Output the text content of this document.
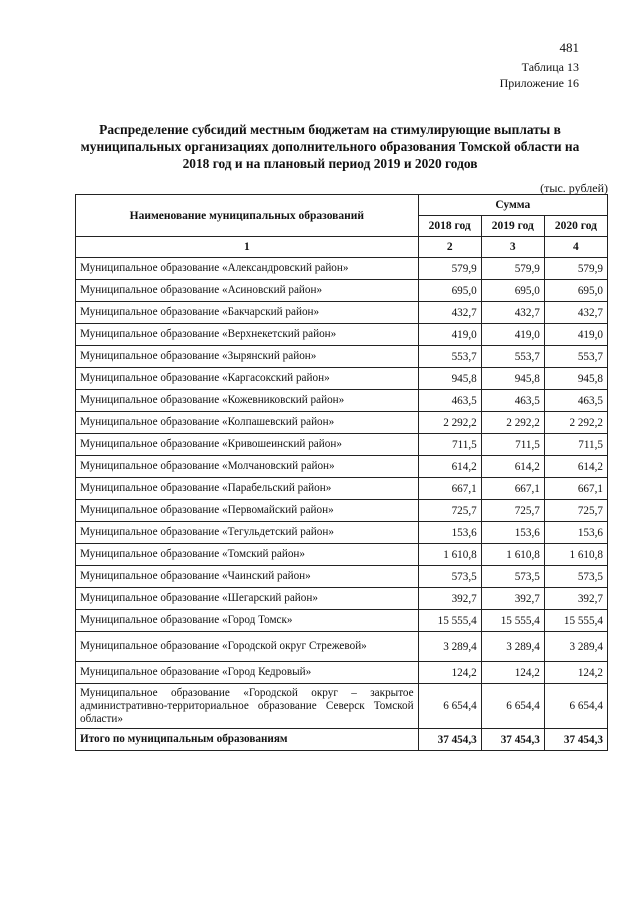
481
Таблица 13
Приложение 16
Распределение субсидий местным бюджетам на стимулирующие выплаты в муниципальных организациях дополнительного образования Томской области на 2018 год и на плановый период 2019 и 2020 годов
(тыс. рублей)
Наименование муниципальных образований	Сумма		
	2018 год	2019 год	2020 год
1	2	3	4
Муниципальное образование «Александровский район»	579,9	579,9	579,9
Муниципальное образование «Асиновский район»	695,0	695,0	695,0
Муниципальное образование «Бакчарский район»	432,7	432,7	432,7
Муниципальное образование «Верхнекетский район»	419,0	419,0	419,0
Муниципальное образование «Зырянский район»	553,7	553,7	553,7
Муниципальное образование «Каргасокский район»	945,8	945,8	945,8
Муниципальное образование «Кожевниковский район»	463,5	463,5	463,5
Муниципальное образование «Колпашевский район»	2 292,2	2 292,2	2 292,2
Муниципальное образование «Кривошеинский район»	711,5	711,5	711,5
Муниципальное образование «Молчановский район»	614,2	614,2	614,2
Муниципальное образование «Парабельский район»	667,1	667,1	667,1
Муниципальное образование «Первомайский район»	725,7	725,7	725,7
Муниципальное образование «Тегульдетский район»	153,6	153,6	153,6
Муниципальное образование «Томский район»	1 610,8	1 610,8	1 610,8
Муниципальное образование «Чаинский район»	573,5	573,5	573,5
Муниципальное образование «Шегарский район»	392,7	392,7	392,7
Муниципальное образование «Город Томск»	15 555,4	15 555,4	15 555,4
Муниципальное образование «Городской округ Стрежевой»	3 289,4	3 289,4	3 289,4
Муниципальное образование «Город Кедровый»	124,2	124,2	124,2
Муниципальное образование «Городской округ – закрытое административно-территориальное образование Северск Томской области»	6 654,4	6 654,4	6 654,4
Итого по муниципальным образованиям	37 454,3	37 454,3	37 454,3
